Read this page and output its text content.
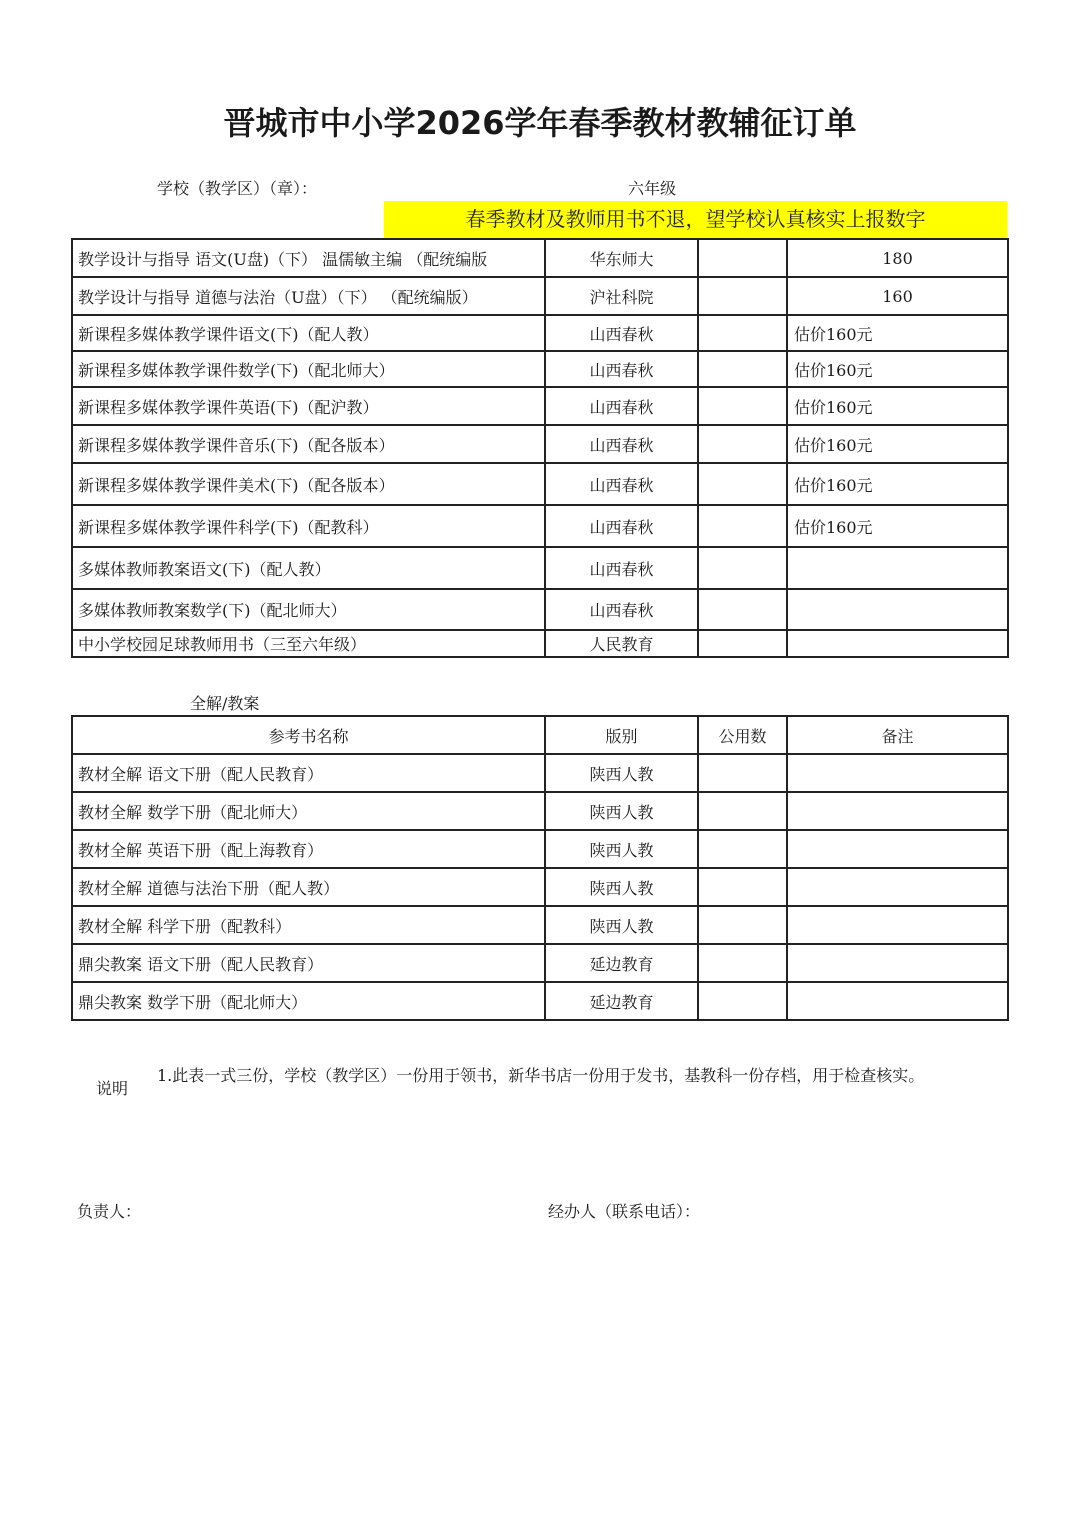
晋城市中小学2026学年春季教材教辅征订单
学校（教学区）（章）：	六年级
春季教材及教师用书不退，望学校认真核实上报数字
教学设计与指导 语文(U盘)（下） 温儒敏主编 （配统编版	华东师大		180
教学设计与指导 道德与法治（U盘）（下） （配统编版）	沪社科院		160
新课程多媒体教学课件语文(下)（配人教）	山西春秋		估价160元
新课程多媒体教学课件数学(下)（配北师大）	山西春秋		估价160元
新课程多媒体教学课件英语(下)（配沪教）	山西春秋		估价160元
新课程多媒体教学课件音乐(下)（配各版本）	山西春秋		估价160元
新课程多媒体教学课件美术(下)（配各版本）	山西春秋		估价160元
新课程多媒体教学课件科学(下)（配教科）	山西春秋		估价160元
多媒体教师教案语文(下)（配人教）	山西春秋		
多媒体教师教案数学(下)（配北师大）	山西春秋		
中小学校园足球教师用书（三至六年级）	人民教育		
全解/教案
参考书名称	版别	公用数	备注
教材全解 语文下册（配人民教育）	陕西人教		
教材全解 数学下册（配北师大）	陕西人教		
教材全解 英语下册（配上海教育）	陕西人教		
教材全解 道德与法治下册（配人教）	陕西人教		
教材全解 科学下册（配教科）	陕西人教		
鼎尖教案 语文下册（配人民教育）	延边教育		
鼎尖教案 数学下册（配北师大）	延边教育		
说明
1.此表一式三份，学校（教学区）一份用于领书，新华书店一份用于发书，基教科一份存档，用于检查核实。
负责人：	经办人（联系电话）：
